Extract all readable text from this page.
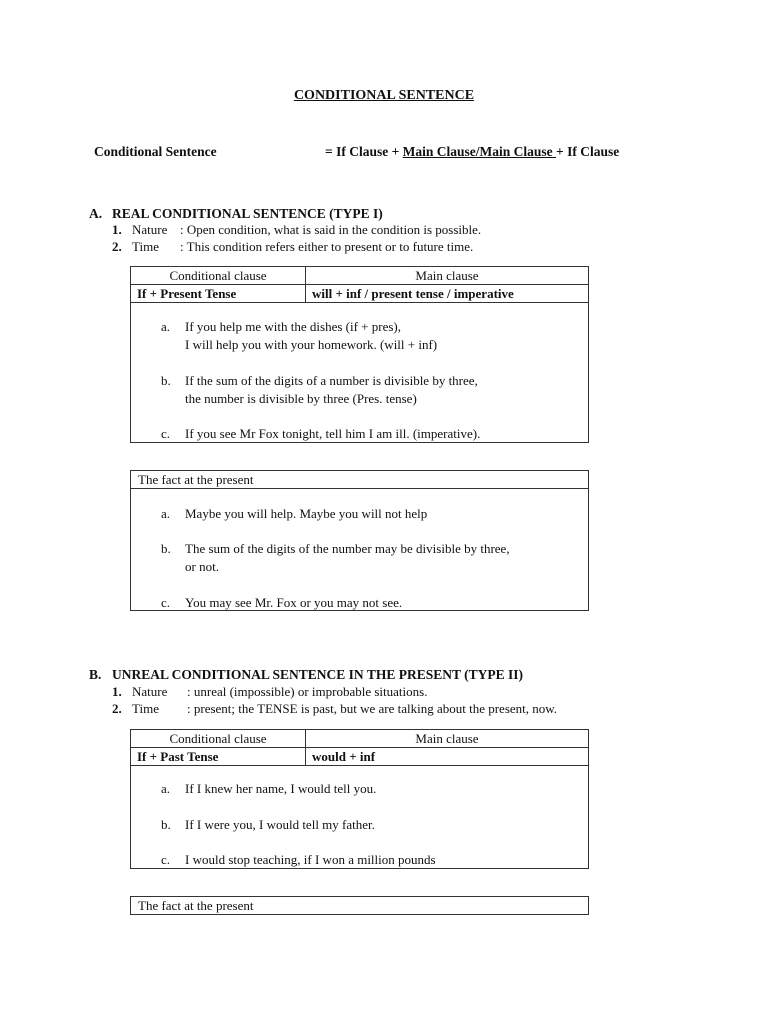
CONDITIONAL SENTENCE
Conditional Sentence	= If Clause + Main Clause/Main Clause + If Clause
A. REAL CONDITIONAL SENTENCE (TYPE I)
1. Nature : Open condition, what is said in the condition is possible.
2. Time : This condition refers either to present or to future time.
Conditional clause	Main clause
If + Present Tense	will + inf / present tense / imperative
a. If you help me with the dishes (if + pres),
I will help you with your homework. (will + inf)
b. If the sum of the digits of a number is divisible by three,
the number is divisible by three (Pres. tense)
c. If you see Mr Fox tonight, tell him I am ill. (imperative).
The fact at the present
a. Maybe you will help. Maybe you will not help
b. The sum of the digits of the number may be divisible by three,
or not.
c. You may see Mr. Fox or you may not see.
B. UNREAL CONDITIONAL SENTENCE IN THE PRESENT (TYPE II)
1. Nature : unreal (impossible) or improbable situations.
2. Time : present; the TENSE is past, but we are talking about the present, now.
Conditional clause	Main clause
If + Past Tense	would + inf
a. If I knew her name, I would tell you.
b. If I were you, I would tell my father.
c. I would stop teaching, if I won a million pounds
The fact at the present
